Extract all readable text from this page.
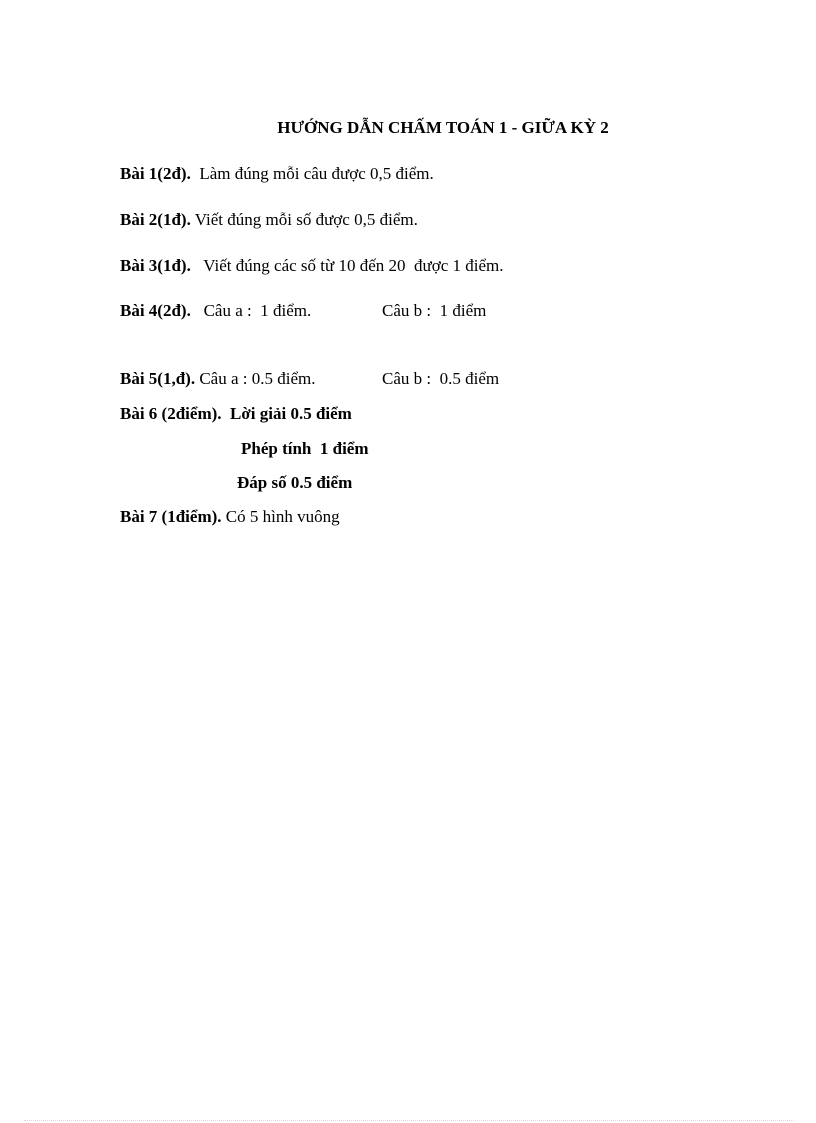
HƯỚNG DẪN CHẤM TOÁN 1 - GIỮA KỲ 2
Bài 1(2đ).  Làm đúng mỗi câu được 0,5 điểm.
Bài 2(1đ). Viết đúng mỗi số được 0,5 điểm.
Bài 3(1đ).   Viết đúng các số từ 10 đến 20  được 1 điểm.
Bài 4(2đ).   Câu a :  1 điểm.	Câu b :  1 điểm
Bài 5(1,đ). Câu a : 0.5 điểm.	Câu b :  0.5 điểm
Bài 6 (2điểm).  Lời giải 0.5 điểm
Phép tính  1 điểm
Đáp số 0.5 điểm
Bài 7 (1điểm). Có 5 hình vuông
